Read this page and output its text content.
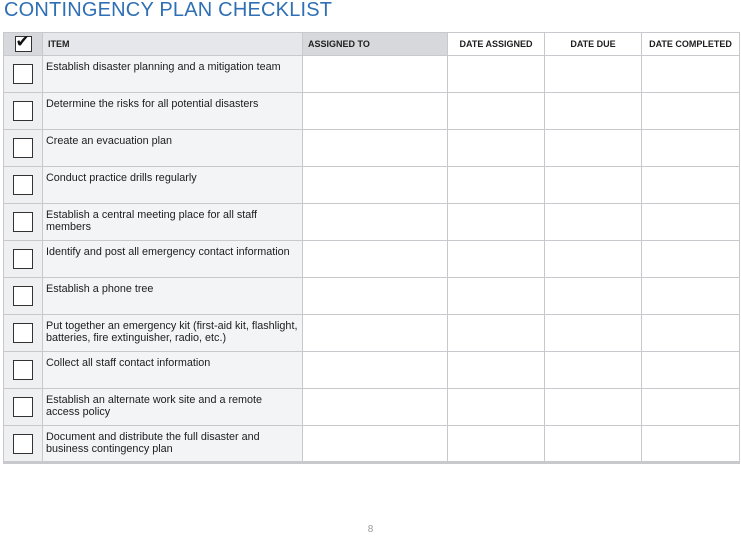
CONTINGENCY PLAN CHECKLIST
✔	ITEM	ASSIGNED TO	DATE ASSIGNED	DATE DUE	DATE COMPLETED
	Establish disaster planning and a mitigation team				
	Determine the risks for all potential disasters				
	Create an evacuation plan				
	Conduct practice drills regularly				
	Establish a central meeting place for all staff members				
	Identify and post all emergency contact information				
	Establish a phone tree				
	Put together an emergency kit (first-aid kit, flashlight, batteries, fire extinguisher, radio, etc.)				
	Collect all staff contact information				
	Establish an alternate work site and a remote access policy				
	Document and distribute the full disaster and business contingency plan				
8
